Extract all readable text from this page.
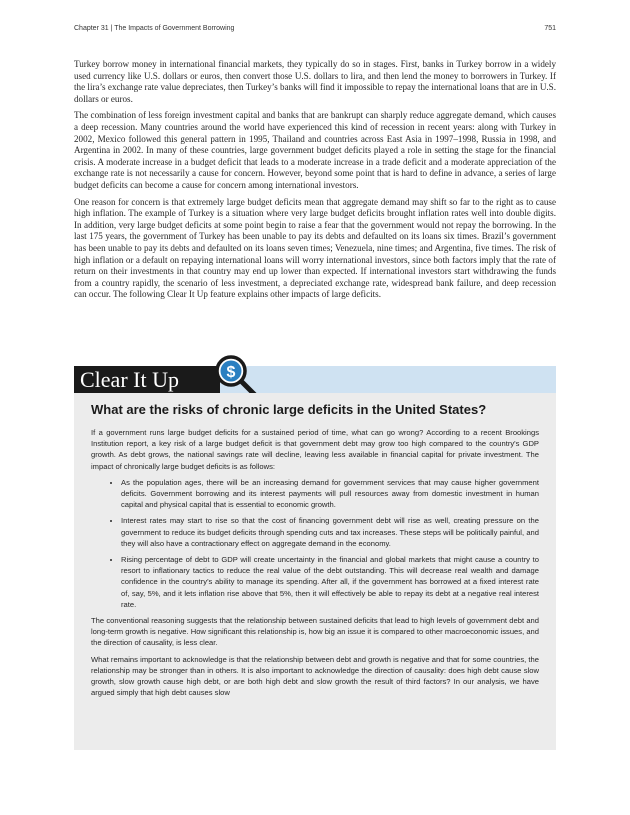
Chapter 31 | The Impacts of Government Borrowing	751

Turkey borrow money in international financial markets, they typically do so in stages. First, banks in Turkey borrow in a widely used currency like U.S. dollars or euros, then convert those U.S. dollars to lira, and then lend the money to borrowers in Turkey. If the lira’s exchange rate value depreciates, then Turkey’s banks will find it impossible to repay the international loans that are in U.S. dollars or euros.

The combination of less foreign investment capital and banks that are bankrupt can sharply reduce aggregate demand, which causes a deep recession. Many countries around the world have experienced this kind of recession in recent years: along with Turkey in 2002, Mexico followed this general pattern in 1995, Thailand and countries across East Asia in 1997–1998, Russia in 1998, and Argentina in 2002. In many of these countries, large government budget deficits played a role in setting the stage for the financial crisis. A moderate increase in a budget deficit that leads to a moderate increase in a trade deficit and a moderate appreciation of the exchange rate is not necessarily a cause for concern. However, beyond some point that is hard to define in advance, a series of large budget deficits can become a cause for concern among international investors.

One reason for concern is that extremely large budget deficits mean that aggregate demand may shift so far to the right as to cause high inflation. The example of Turkey is a situation where very large budget deficits brought inflation rates well into double digits. In addition, very large budget deficits at some point begin to raise a fear that the government would not repay the borrowing. In the last 175 years, the government of Turkey has been unable to pay its debts and defaulted on its loans six times. Brazil’s government has been unable to pay its debts and defaulted on its loans seven times; Venezuela, nine times; and Argentina, five times. The risk of high inflation or a default on repaying international loans will worry international investors, since both factors imply that the rate of return on their investments in that country may end up lower than expected. If international investors start withdrawing the funds from a country rapidly, the scenario of less investment, a depreciated exchange rate, widespread bank failure, and deep recession can occur. The following Clear It Up feature explains other impacts of large deficits.

Clear It Up	$
What are the risks of chronic large deficits in the United States?

If a government runs large budget deficits for a sustained period of time, what can go wrong? According to a recent Brookings Institution report, a key risk of a large budget deficit is that government debt may grow too high compared to the country's GDP growth. As debt grows, the national savings rate will decline, leaving less available in financial capital for private investment. The impact of chronically large budget deficits is as follows:

• As the population ages, there will be an increasing demand for government services that may cause higher government deficits. Government borrowing and its interest payments will pull resources away from domestic investment in human capital and physical capital that is essential to economic growth.
• Interest rates may start to rise so that the cost of financing government debt will rise as well, creating pressure on the government to reduce its budget deficits through spending cuts and tax increases. These steps will be politically painful, and they will also have a contractionary effect on aggregate demand in the economy.
• Rising percentage of debt to GDP will create uncertainty in the financial and global markets that might cause a country to resort to inflationary tactics to reduce the real value of the debt outstanding. This will decrease real wealth and damage confidence in the country’s ability to manage its spending. After all, if the government has borrowed at a fixed interest rate of, say, 5%, and it lets inflation rise above that 5%, then it will effectively be able to repay its debt at a negative real interest rate.

The conventional reasoning suggests that the relationship between sustained deficits that lead to high levels of government debt and long-term growth is negative. How significant this relationship is, how big an issue it is compared to other macroeconomic issues, and the direction of causality, is less clear.

What remains important to acknowledge is that the relationship between debt and growth is negative and that for some countries, the relationship may be stronger than in others. It is also important to acknowledge the direction of causality: does high debt cause slow growth, slow growth cause high debt, or are both high debt and slow growth the result of third factors? In our analysis, we have argued simply that high debt causes slow
